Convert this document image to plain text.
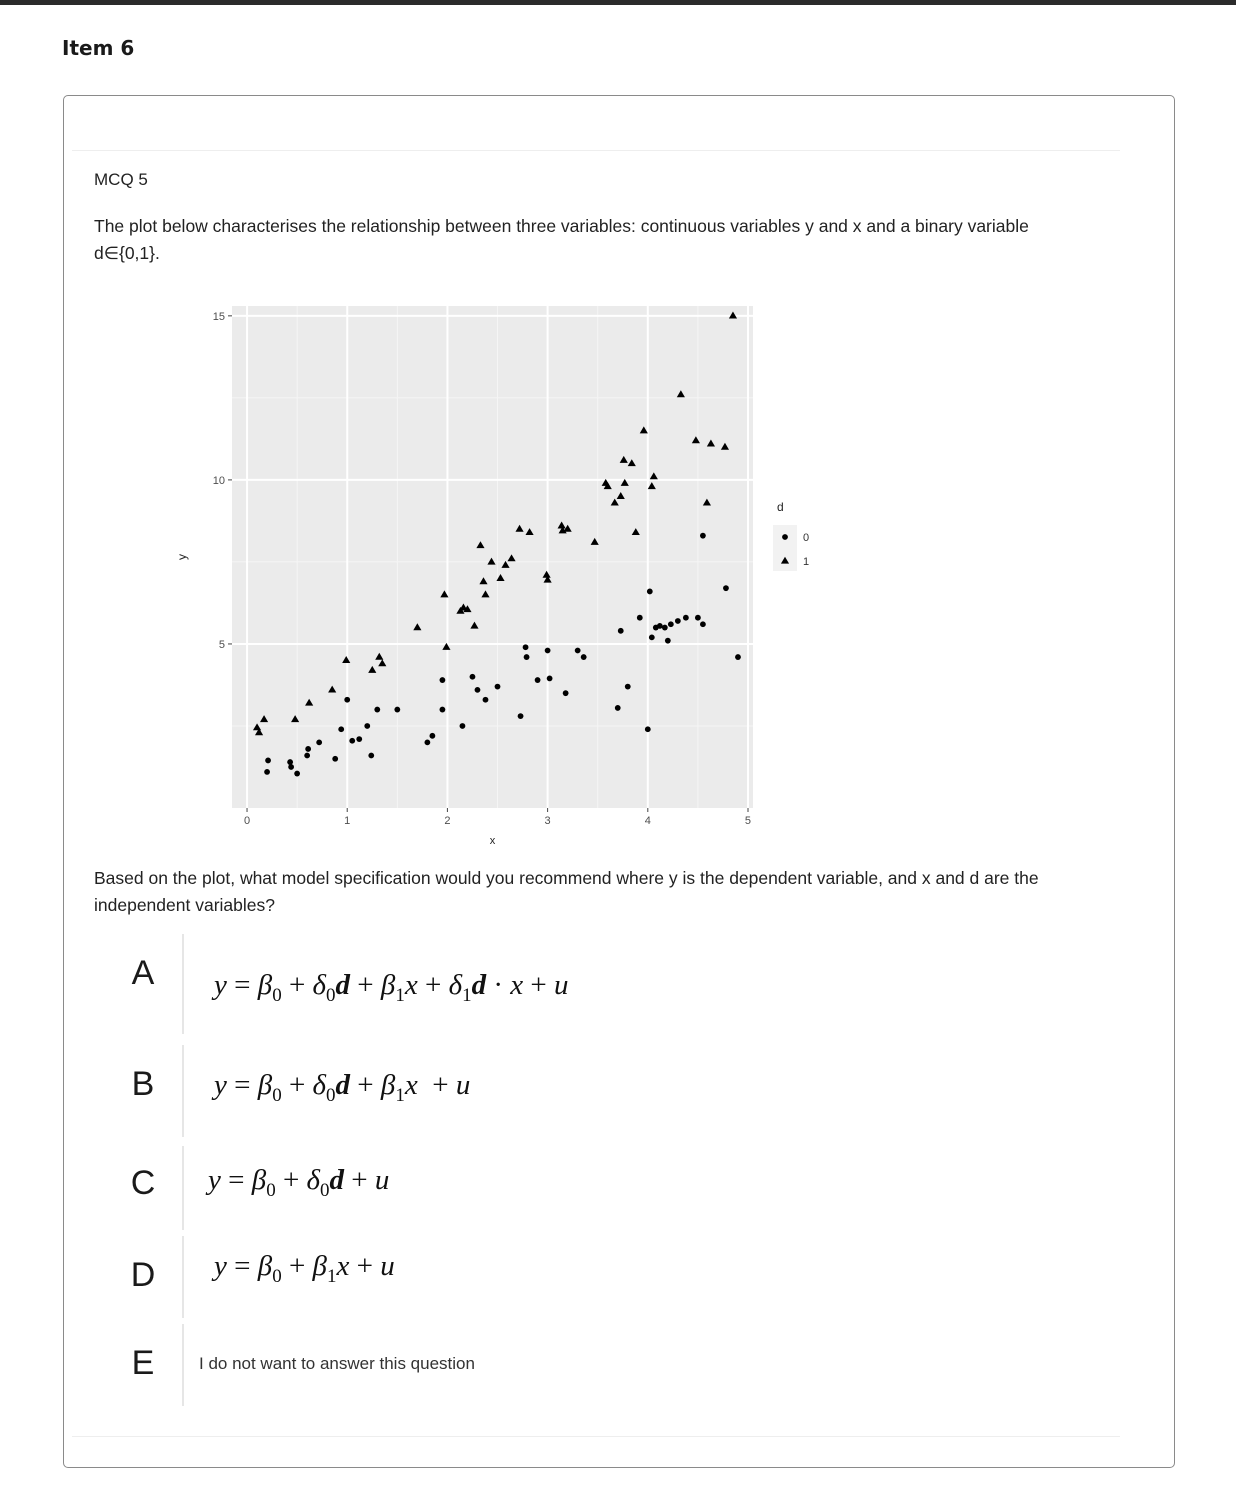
Item 6
MCQ 5
The plot below characterises the relationship between three variables: continuous variables y and x and a binary variable d∈{0,1}.
0	1	2	3	4	5
5
10
15
x
y
d
0
1
Based on the plot, what model specification would you recommend where y is the dependent variable, and x and d are the independent variables?
A	$y = \beta_0 + \delta_0d + \beta_1x + \delta_1d \cdot x + u$
B	$y = \beta_0 + \delta_0d + \beta_1x + u$
C	$y = \beta_0 + \delta_0d + u$
D	$y = \beta_0 + \beta_1x + u$
E	I do not want to answer this question
